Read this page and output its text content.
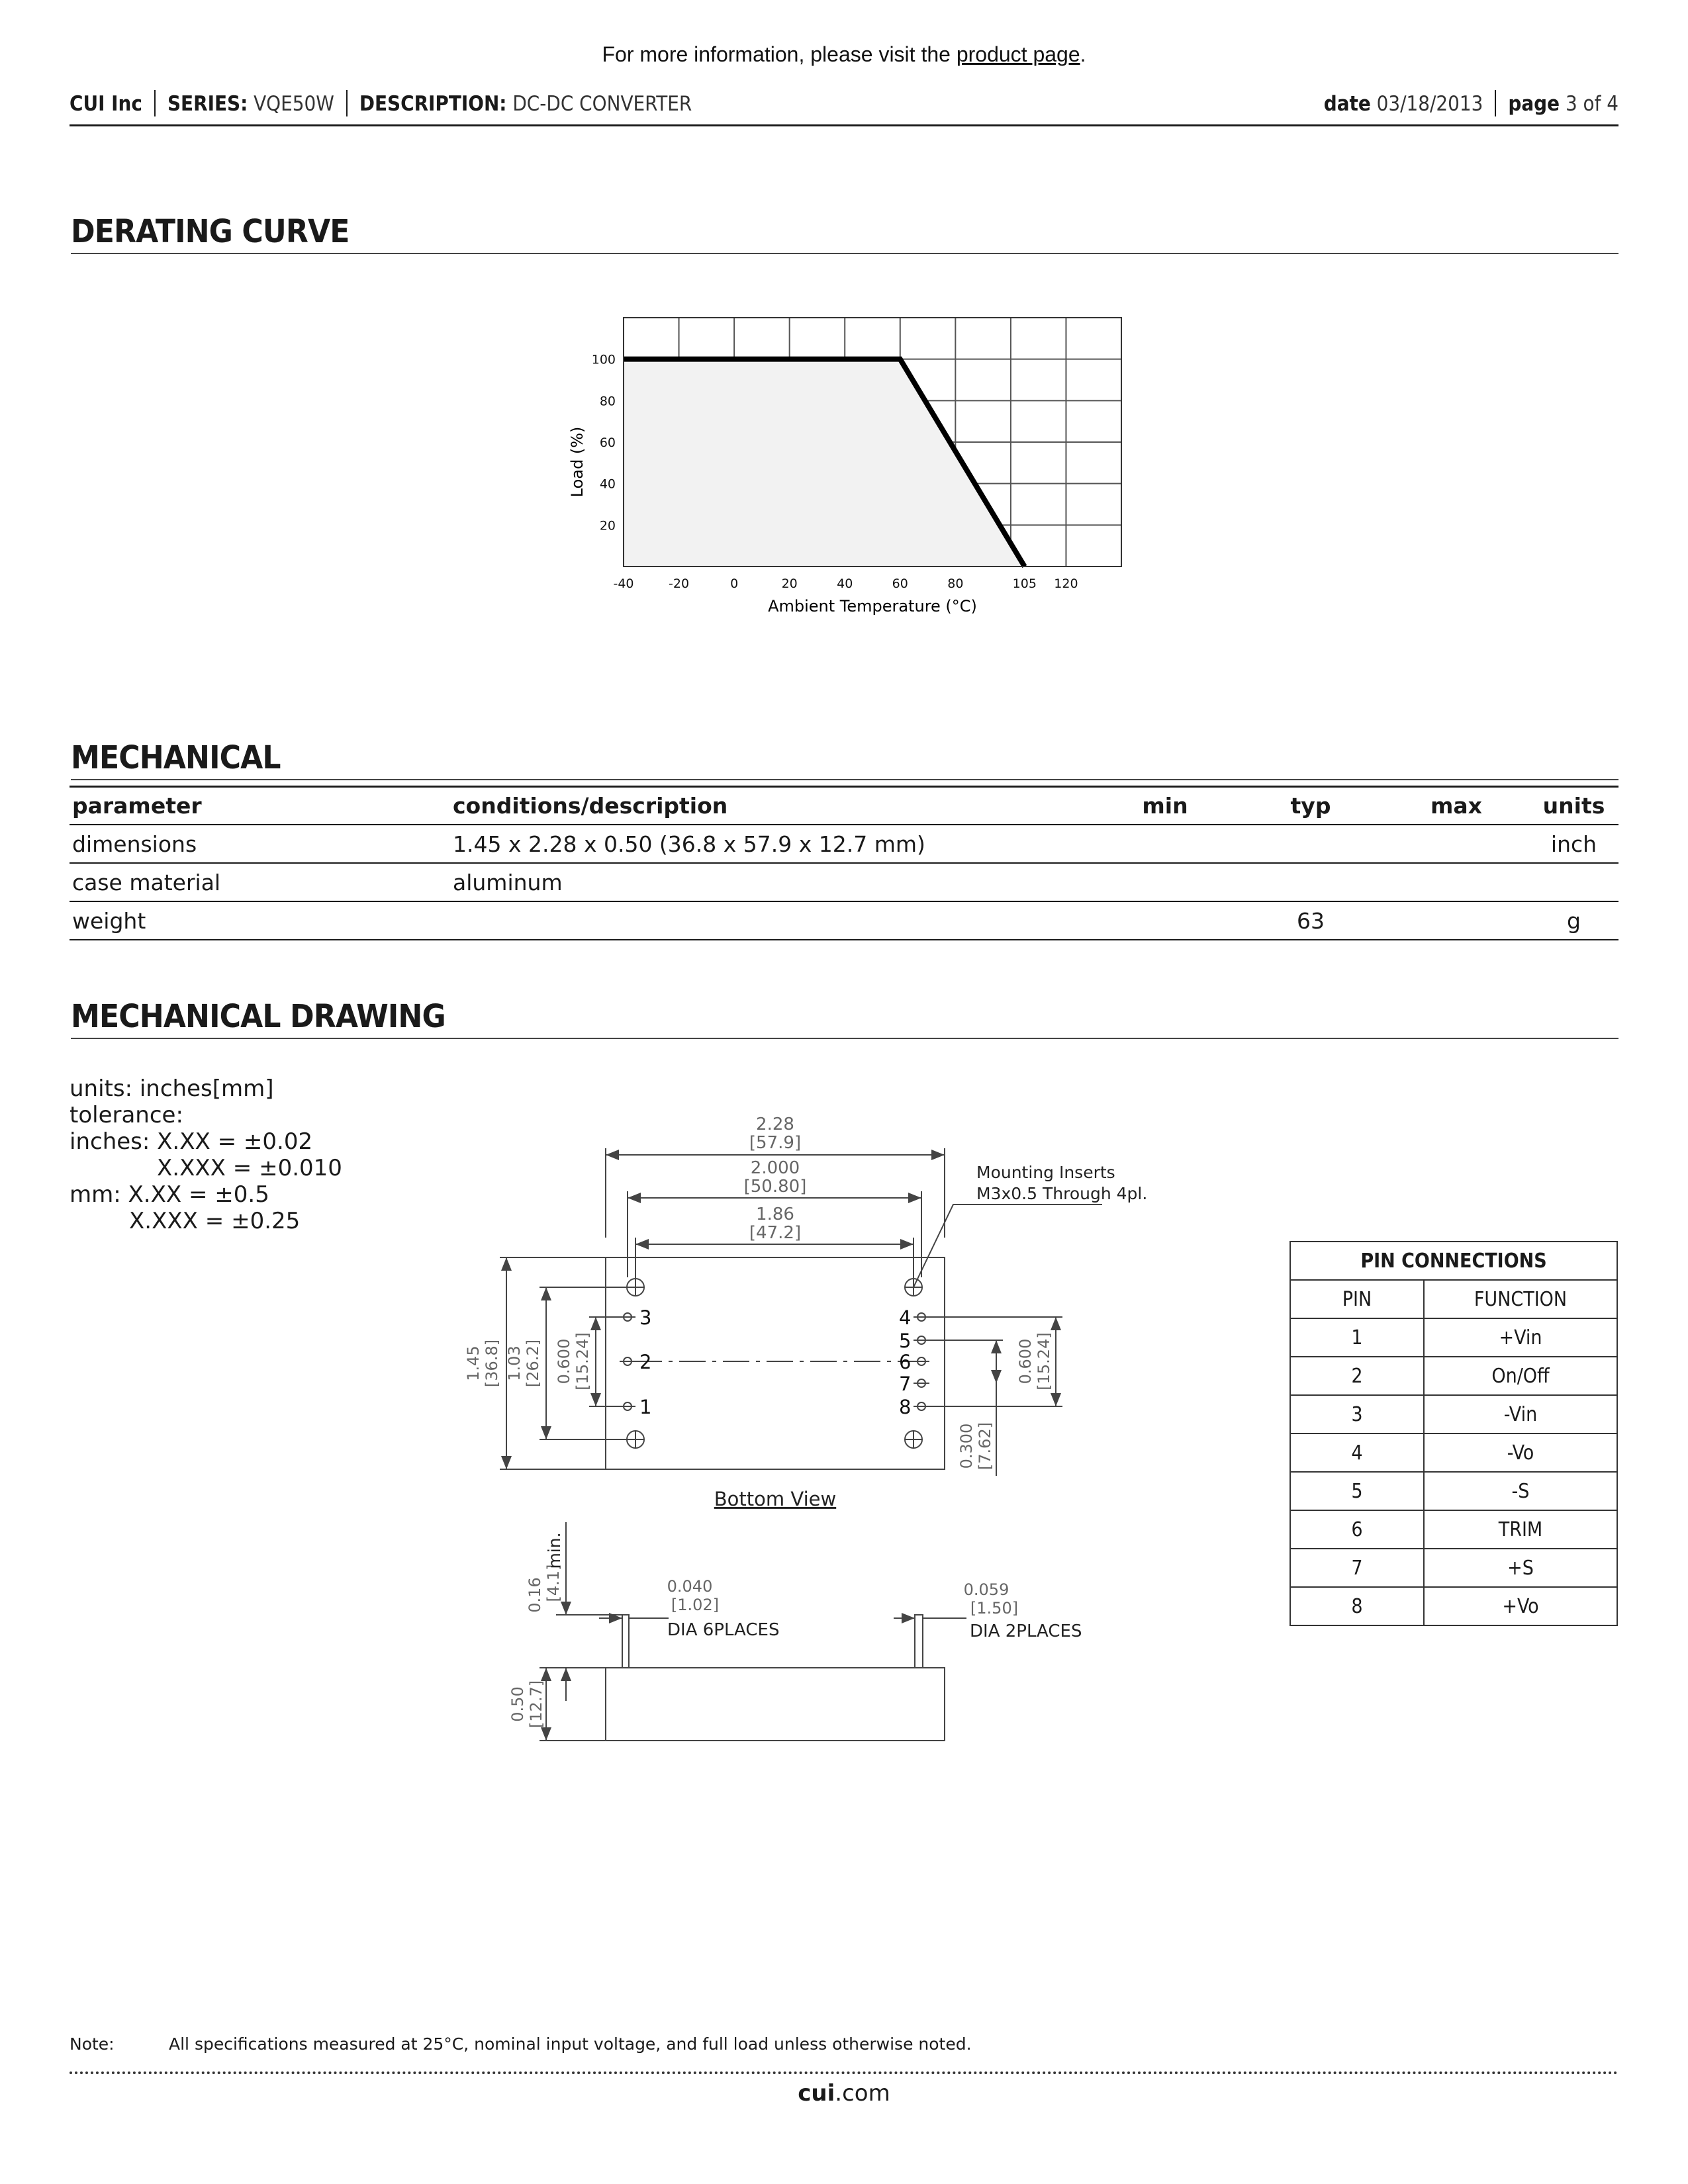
For more information, please visit the product page.
CUI Inc SERIES: VQE50W DESCRIPTION: DC-DC CONVERTER	date 03/18/2013 page 3 of 4
DERATING CURVE
-40	-20	0	20	40	60	80	105 120
100
80
60
40
20
Ambient Temperature (°C)
Load (%)
MECHANICAL
parameter	conditions/description	min	typ	max	units
dimensions	1.45 x 2.28 x 0.50 (36.8 x 57.9 x 12.7 mm)				inch
case material	aluminum				
weight			63		g
MECHANICAL DRAWING
units: inches[mm]
tolerance:
inches: X.XX = ±0.02
X.XXX = ±0.010
mm: X.XX = ±0.5
X.XXX = ±0.25
2.28
[57.9]
2.000
[50.80]
1.86
[47.2]
Mounting Inserts
M3x0.5 Through 4pl.
1.45 [36.8] 1.03 [26.2] 0.600 [15.24]	0.600 [15.24]
0.300 [7.62]
3
2
1
4
5
6
7
8
Bottom View
0.16 [4.1]
0.50 [12.7]
0.040
[1.02]
0.059
[1.50]
min.
DIA 6PLACES	DIA 2PLACES
PIN CONNECTIONS	
PIN	FUNCTION
1	+Vin
2	On/Off
3	-Vin
4	-Vo
5	-S
6	TRIM
7	+S
8	+Vo
Note:	All specifications measured at 25°C, nominal input voltage, and full load unless otherwise noted.
cui.com
